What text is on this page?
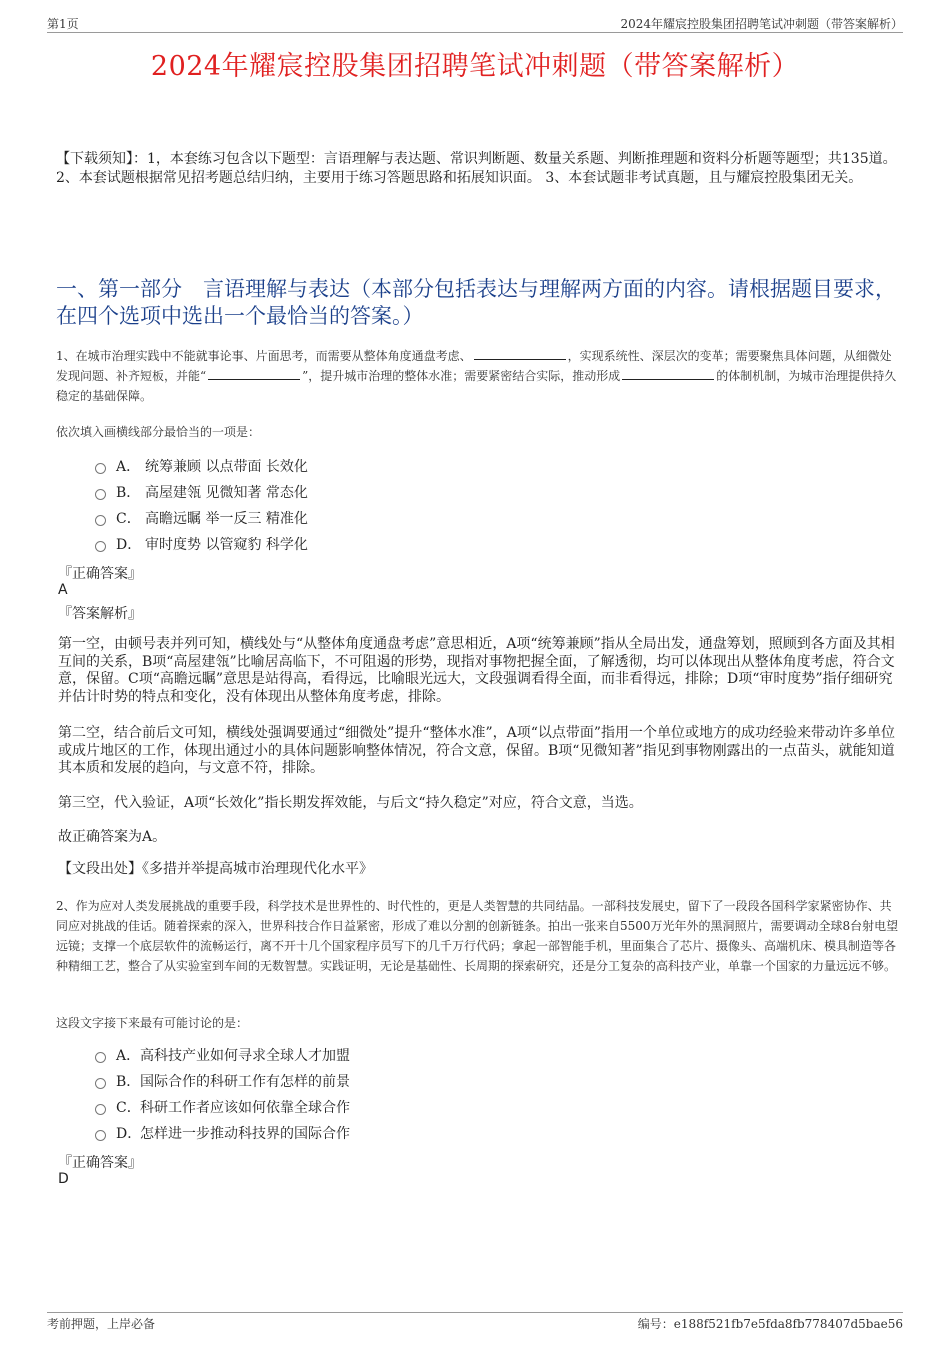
第1页	2024年耀宸控股集团招聘笔试冲刺题（带答案解析）
2024年耀宸控股集团招聘笔试冲刺题（带答案解析）
【下载须知】：1，本套练习包含以下题型：言语理解与表达题、常识判断题、数量关系题、判断推理题和资料分析题等题型；共135道。 2、本套试题根据常见招考题总结归纳，主要用于练习答题思路和拓展知识面。 3、本套试题非考试真题，且与耀宸控股集团无关。
一、第一部分　言语理解与表达（本部分包括表达与理解两方面的内容。请根据题目要求，在四个选项中选出一个最恰当的答案。）
1、在城市治理实践中不能就事论事、片面思考，而需要从整体角度通盘考虑、	，实现系统性、深层次的变革；需要聚焦具体问题，从细微处发现问题、补齐短板，并能“	”，提升城市治理的整体水准；需要紧密结合实际，推动形成	的体制机制，为城市治理提供持久稳定的基础保障。
依次填入画横线部分最恰当的一项是：
A． 统筹兼顾 以点带面 长效化
B． 高屋建瓴 见微知著 常态化
C． 高瞻远瞩 举一反三 精准化
D． 审时度势 以管窥豹 科学化
『正确答案』
A
『答案解析』
第一空，由顿号表并列可知，横线处与“从整体角度通盘考虑”意思相近，A项“统筹兼顾”指从全局出发，通盘筹划，照顾到各方面及其相互间的关系，B项“高屋建瓴”比喻居高临下，不可阻遏的形势，现指对事物把握全面，了解透彻，均可以体现出从整体角度考虑，符合文意，保留。C项“高瞻远瞩”意思是站得高，看得远，比喻眼光远大，文段强调看得全面，而非看得远，排除；D项“审时度势”指仔细研究并估计时势的特点和变化，没有体现出从整体角度考虑，排除。
第二空，结合前后文可知，横线处强调要通过“细微处”提升“整体水准”，A项“以点带面”指用一个单位或地方的成功经验来带动许多单位或成片地区的工作，体现出通过小的具体问题影响整体情况，符合文意，保留。B项“见微知著”指见到事物刚露出的一点苗头，就能知道其本质和发展的趋向，与文意不符，排除。
第三空，代入验证，A项“长效化”指长期发挥效能，与后文“持久稳定”对应，符合文意，当选。
故正确答案为A。
【文段出处】《多措并举提高城市治理现代化水平》
2、作为应对人类发展挑战的重要手段，科学技术是世界性的、时代性的，更是人类智慧的共同结晶。一部科技发展史，留下了一段段各国科学家紧密协作、共同应对挑战的佳话。随着探索的深入，世界科技合作日益紧密，形成了难以分割的创新链条。拍出一张来自5500万光年外的黑洞照片，需要调动全球8台射电望远镜；支撑一个底层软件的流畅运行，离不开十几个国家程序员写下的几千万行代码；拿起一部智能手机，里面集合了芯片、摄像头、高端机床、模具制造等各种精细工艺，整合了从实验室到车间的无数智慧。实践证明，无论是基础性、长周期的探索研究，还是分工复杂的高科技产业，单靠一个国家的力量远远不够。
这段文字接下来最有可能讨论的是：
A． 高科技产业如何寻求全球人才加盟
B． 国际合作的科研工作有怎样的前景
C． 科研工作者应该如何依靠全球合作
D．
怎样进一步推动科技界的国际合作
『正确答案』
D
考前押题，上岸必备	编号：e188f521fb7e5fda8fb778407d5bae56
